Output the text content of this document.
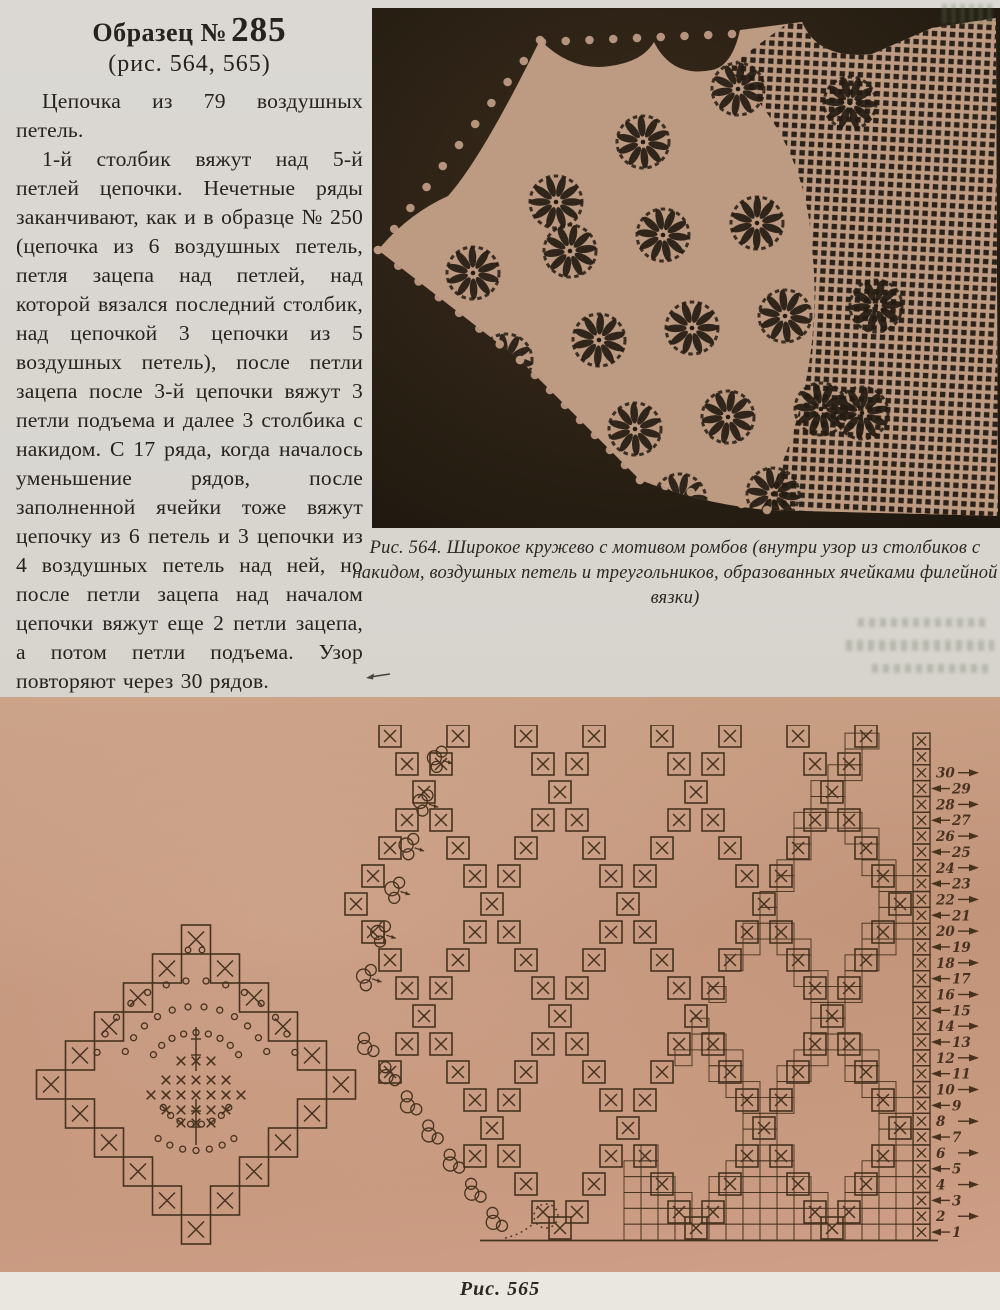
Образец № 285
(рис. 564, 565)

Цепочка из 79 воздушных петель.

1-й столбик вяжут над 5-й петлей цепочки. Нечетные ряды заканчивают, как и в образце № 250 (цепочка из 6 воздушных петель, петля зацепа над петлей, над которой вязался последний столбик, над цепочкой 3 цепочки из 5 воздушных петель), после петли зацепа после 3-й цепочки вяжут 3 петли подъема и далее 3 столбика с накидом. С 17 ряда, когда началось уменьшение рядов, после заполненной ячейки тоже вяжут цепочку из 6 петель и 3 цепочки из 4 воздушных петель над ней, но после петли зацепа над началом цепочки вяжут еще 2 петли зацепа, а потом петли подъема. Узор повторяют через 30 рядов.

Рис. 564. Широкое кружево с мотивом ромбов (внутри узор из столбиков с накидом, воздушных петель и треугольников, образованных ячейками филейной вязки)
1
2
3
4
5
6
7
8
9
10
11
12
13
14
15
16
17
18
19
20
21
22
23
24
25
26
27
28
29
30
Рис. 565
